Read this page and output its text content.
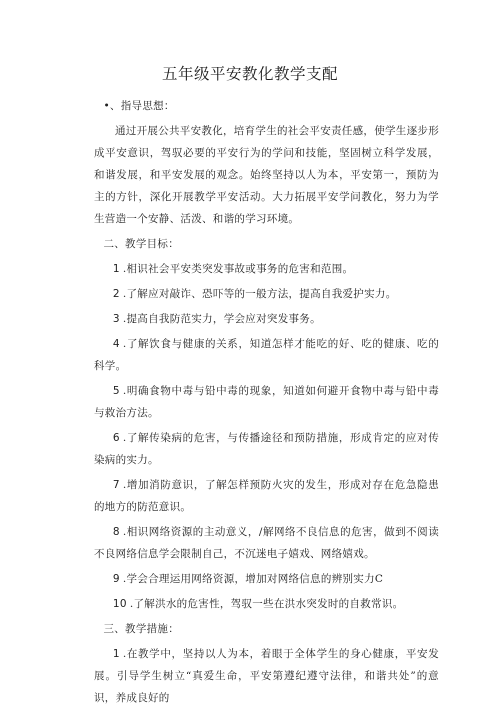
五年级平安教化教学支配

•、指导思想：

通过开展公共平安教化，培育学生的社会平安责任感，使学生逐步形成平安意识，驾驭必要的平安行为的学问和技能，坚固树立科学发展，和谐发展，和平安发展的观念。始终坚持以人为本，平安第一，预防为主的方针，深化开展教学平安活动。大力拓展平安学问教化，努力为学生营造一个安静、活泼、和谐的学习环境。

二、教学目标：

1 .相识社会平安类突发事故或事务的危害和范围。

2 .了解应对敲诈、恐吓等的一般方法，提高自我爱护实力。

3 .提高自我防范实力，学会应对突发事务。

4 .了解饮食与健康的关系，知道怎样才能吃的好、吃的健康、吃的科学。

5 .明确食物中毒与铅中毒的现象，知道如何避开食物中毒与铅中毒与救治方法。

6 .了解传染病的危害，与传播途径和预防措施，形成肯定的应对传染病的实力。

7 .增加消防意识，了解怎样预防火灾的发生，形成对存在危急隐患的地方的防范意识。

8 .相识网络资源的主动意义，/解网络不良信息的危害，做到不阅读不良网络信息学会限制自己，不沉迷电子嬉戏、网络嬉戏。

9 .学会合理运用网络资源，增加对网络信息的辨别实力C

10 .了解洪水的危害性，驾驭一些在洪水突发时的自救常识。

三、教学措施：

1 .在教学中，坚持以人为本，着眼于全体学生的身心健康，平安发展。引导学生树立“真爱生命，平安第遵纪遵守法律，和谐共处”的意识，养成良好的
